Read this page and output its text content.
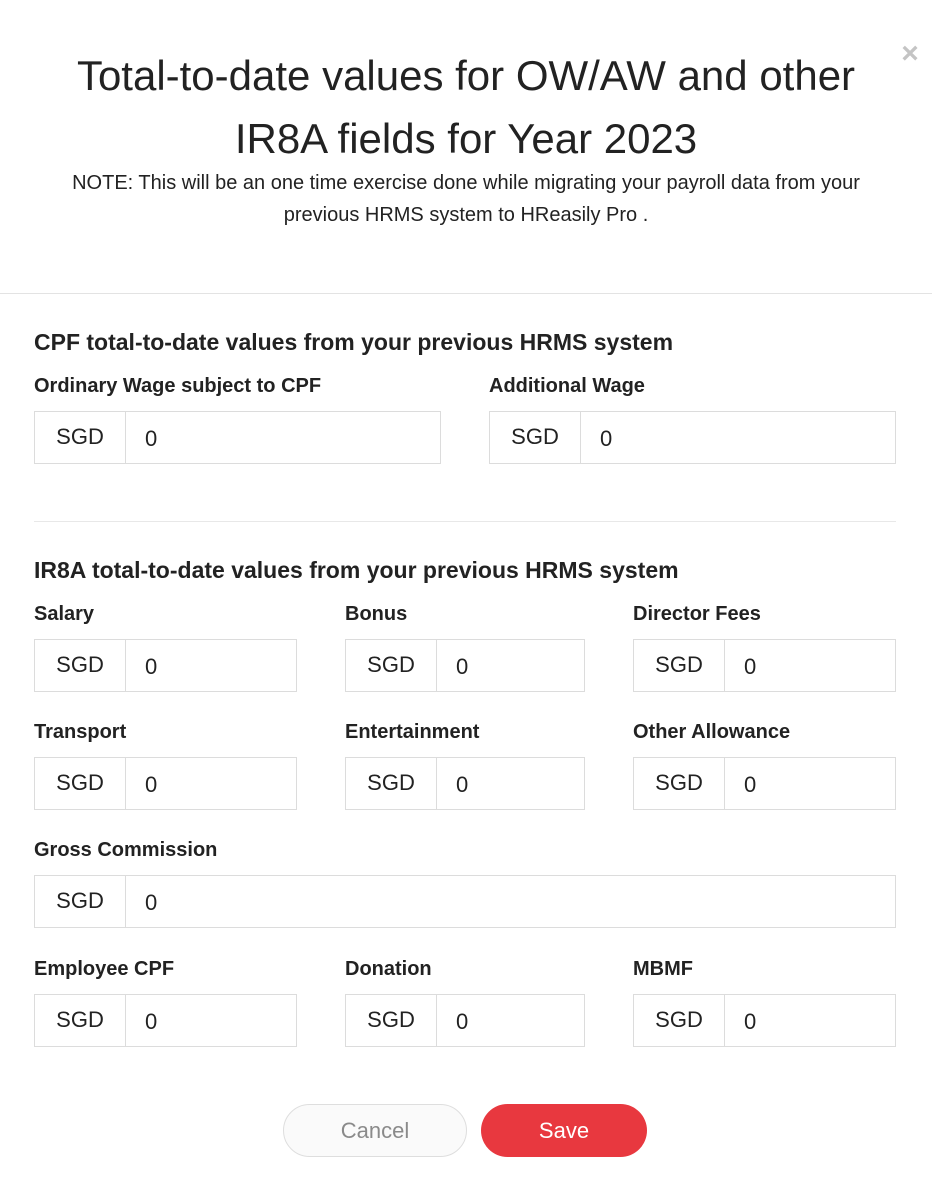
×
Total-to-date values for OW/AW and other
IR8A fields for Year 2023

NOTE: This will be an one time exercise done while migrating your payroll data from your
previous HRMS system to HReasily Pro .

CPF total-to-date values from your previous HRMS system
Ordinary Wage subject to CPF
SGD
0
Additional Wage
SGD
0
IR8A total-to-date values from your previous HRMS system
Salary
SGD
0
Bonus
SGD
0
Director Fees
SGD
0
Transport
SGD
0
Entertainment
SGD
0
Other Allowance
SGD
0
Gross Commission
SGD
0
Employee CPF
SGD
0
Donation
SGD
0
MBMF
SGD
0
Cancel	Save
